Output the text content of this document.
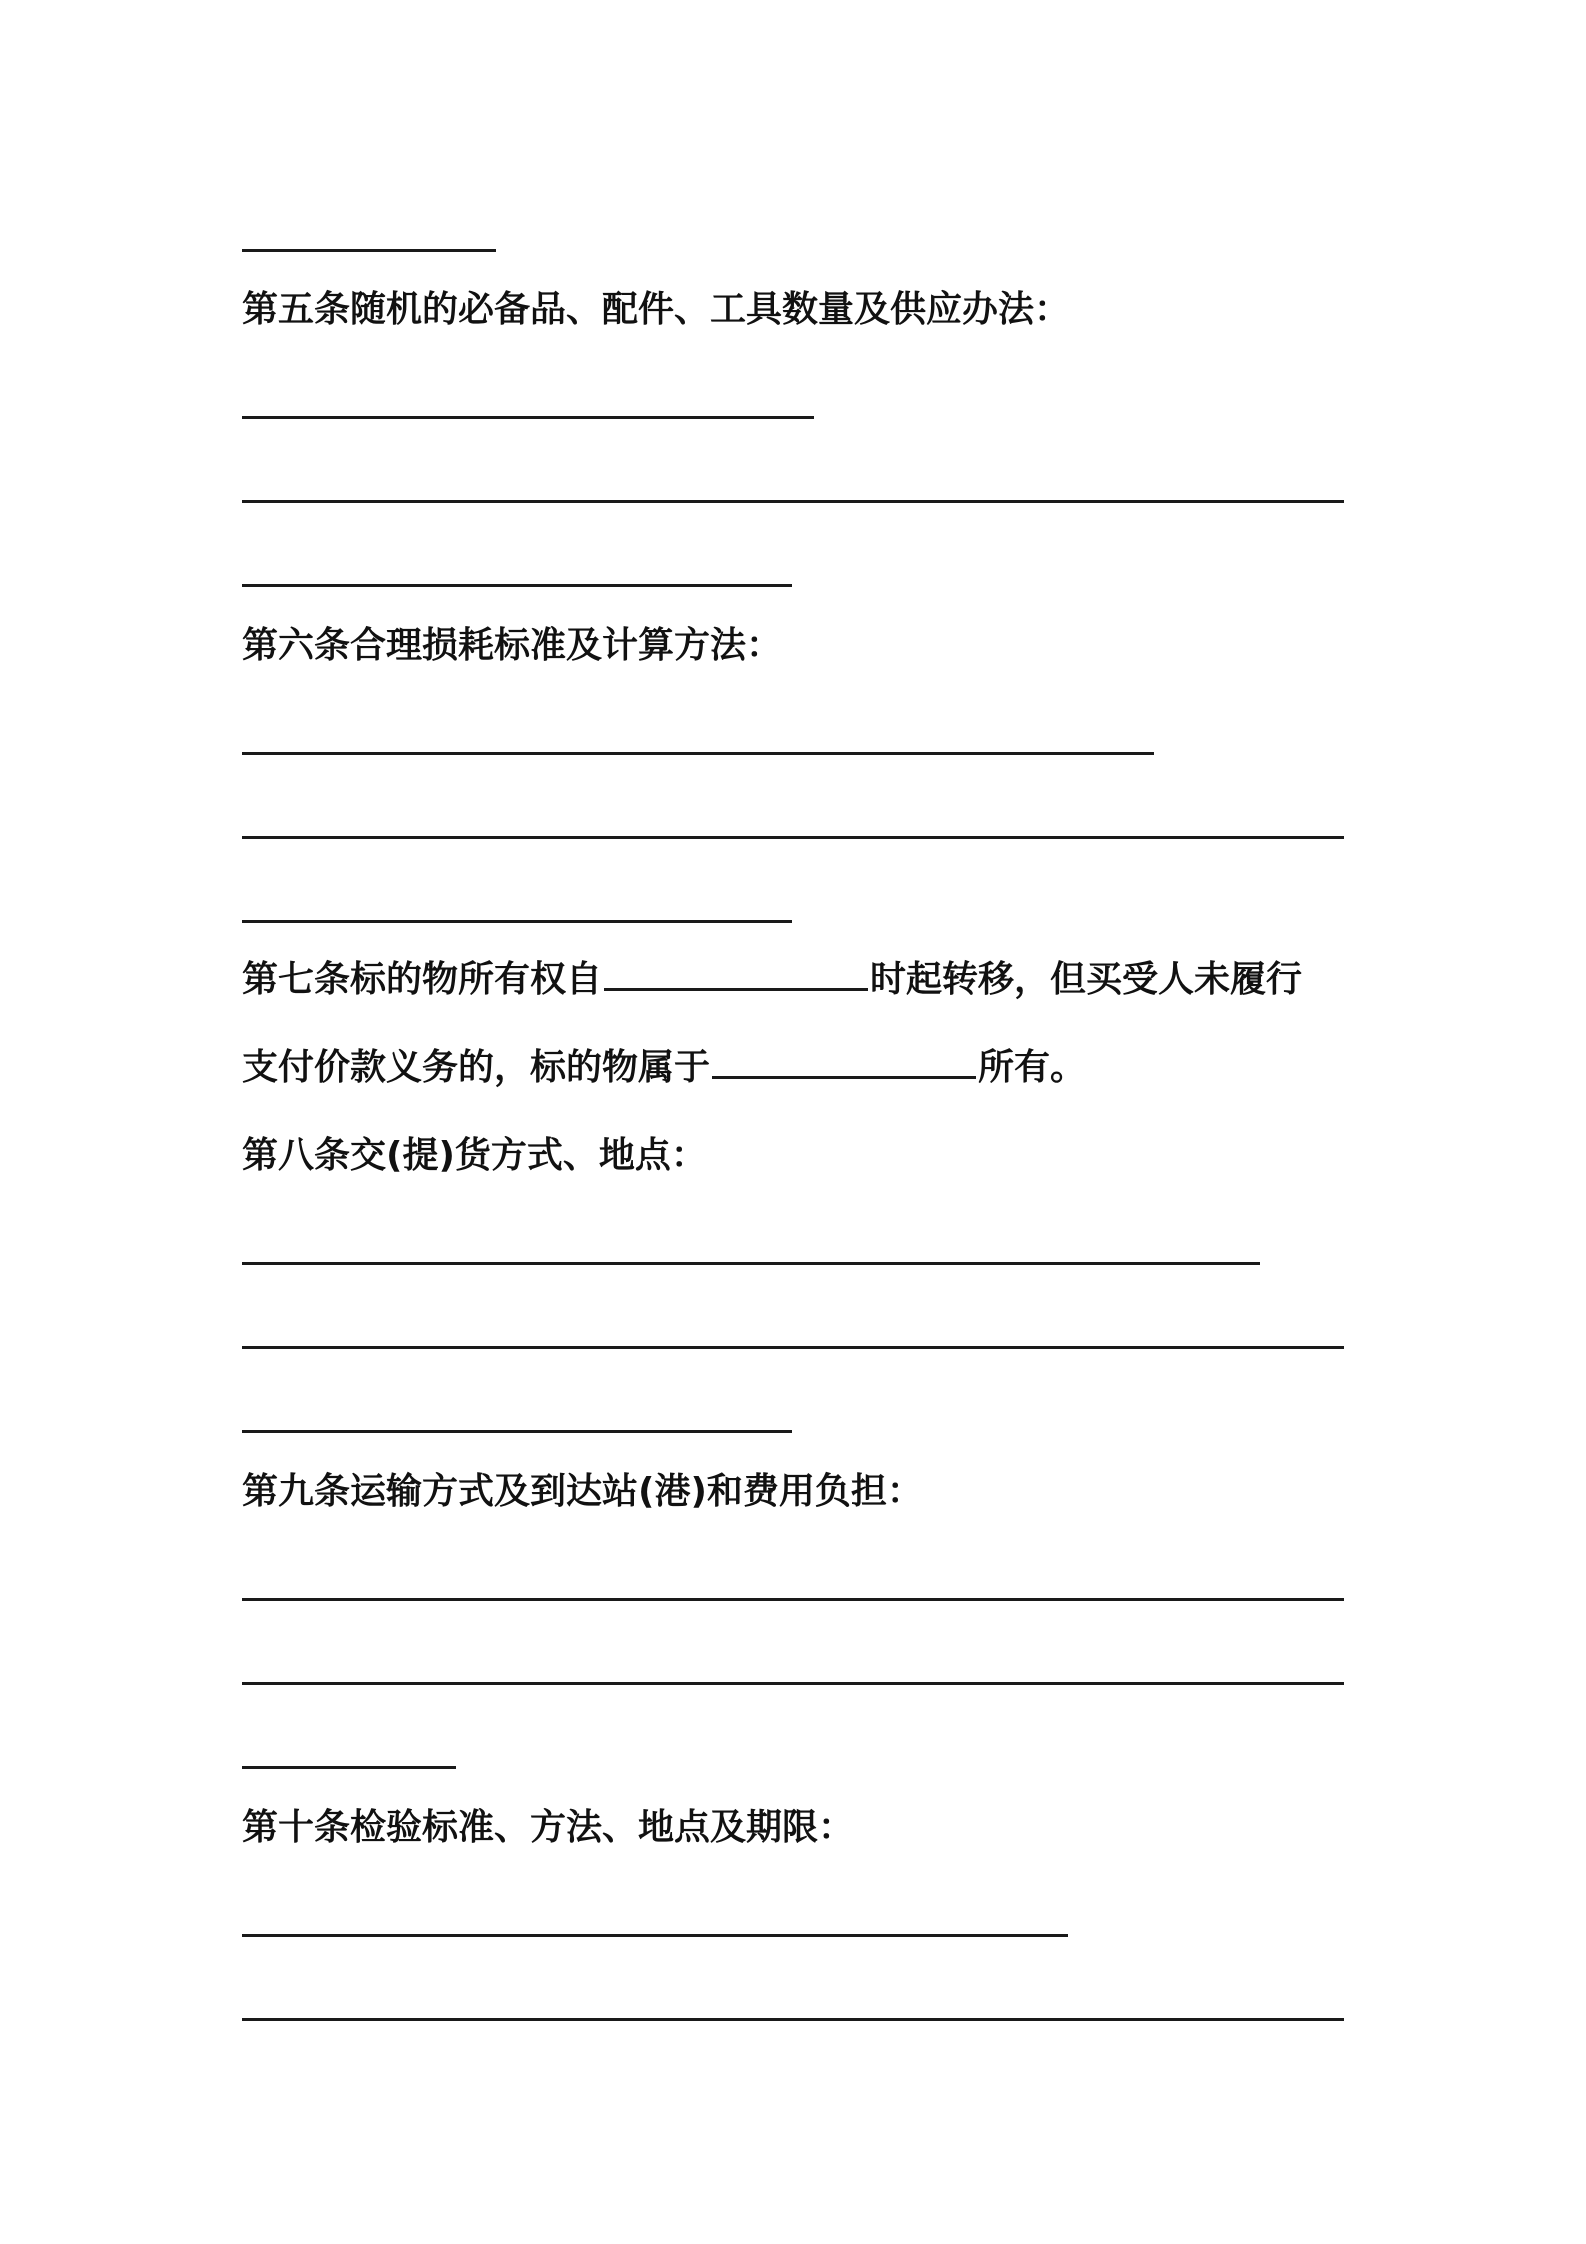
第五条随机的必备品、配件、工具数量及供应办法：
第六条合理损耗标准及计算方法：
第七条标的物所有权自	时起转移，但买受人未履行
支付价款义务的，标的物属于	所有。
第八条交(提)货方式、地点：
第九条运输方式及到达站(港)和费用负担：
第十条检验标准、方法、地点及期限：
